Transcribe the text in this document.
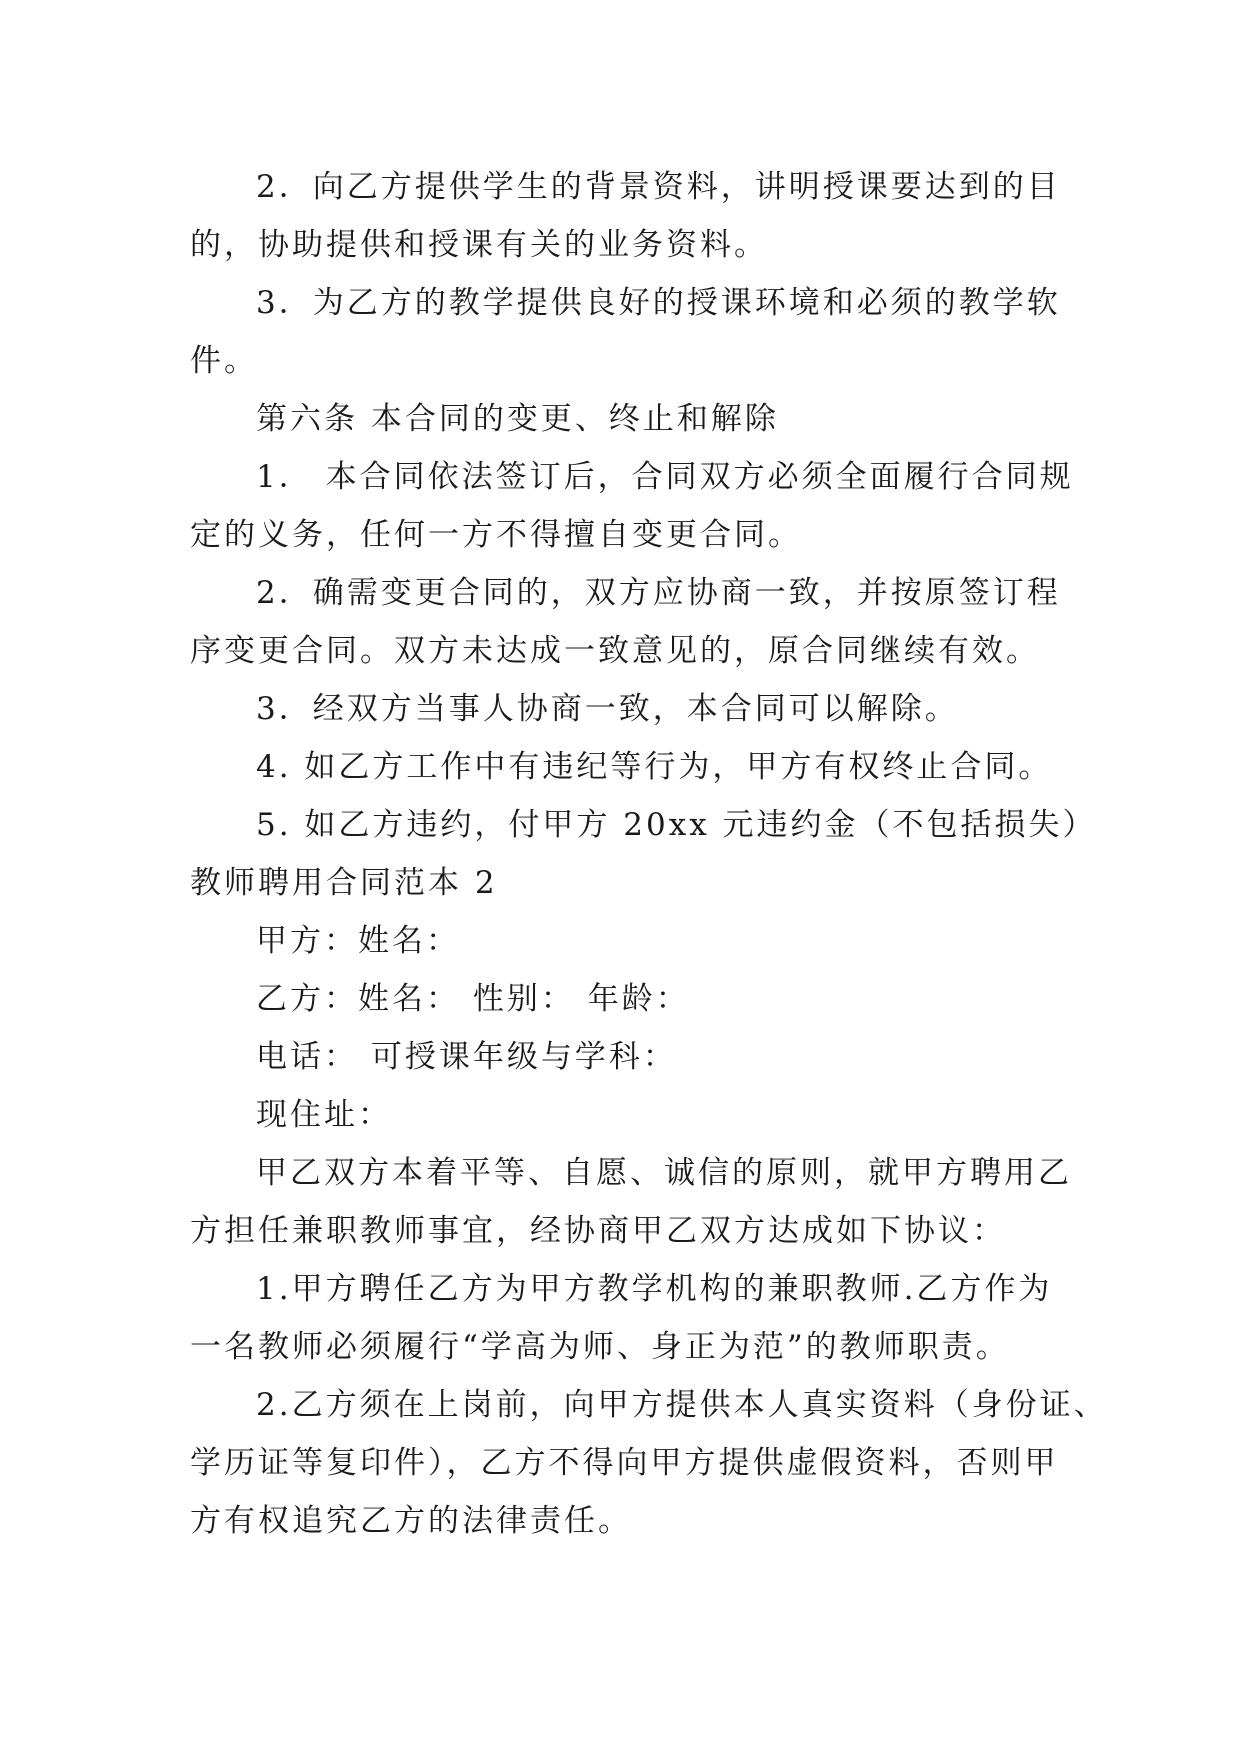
2．向乙方提供学生的背景资料，讲明授课要达到的目
的，协助提供和授课有关的业务资料。
3．为乙方的教学提供良好的授课环境和必须的教学软
件。
第六条 本合同的变更、终止和解除
1． 本合同依法签订后，合同双方必须全面履行合同规
定的义务，任何一方不得擅自变更合同。
2．确需变更合同的，双方应协商一致，并按原签订程
序变更合同。双方未达成一致意见的，原合同继续有效。
3．经双方当事人协商一致，本合同可以解除。
4. 如乙方工作中有违纪等行为，甲方有权终止合同。
5. 如乙方违约，付甲方 20xx 元违约金（不包括损失）
教师聘用合同范本 2
甲方：姓名：
乙方：姓名： 性别： 年龄：
电话： 可授课年级与学科：
现住址：
甲乙双方本着平等、自愿、诚信的原则，就甲方聘用乙
方担任兼职教师事宜，经协商甲乙双方达成如下协议：
1.甲方聘任乙方为甲方教学机构的兼职教师.乙方作为
一名教师必须履行“学高为师、身正为范”的教师职责。
2.乙方须在上岗前，向甲方提供本人真实资料（身份证、
学历证等复印件），乙方不得向甲方提供虚假资料，否则甲
方有权追究乙方的法律责任。
